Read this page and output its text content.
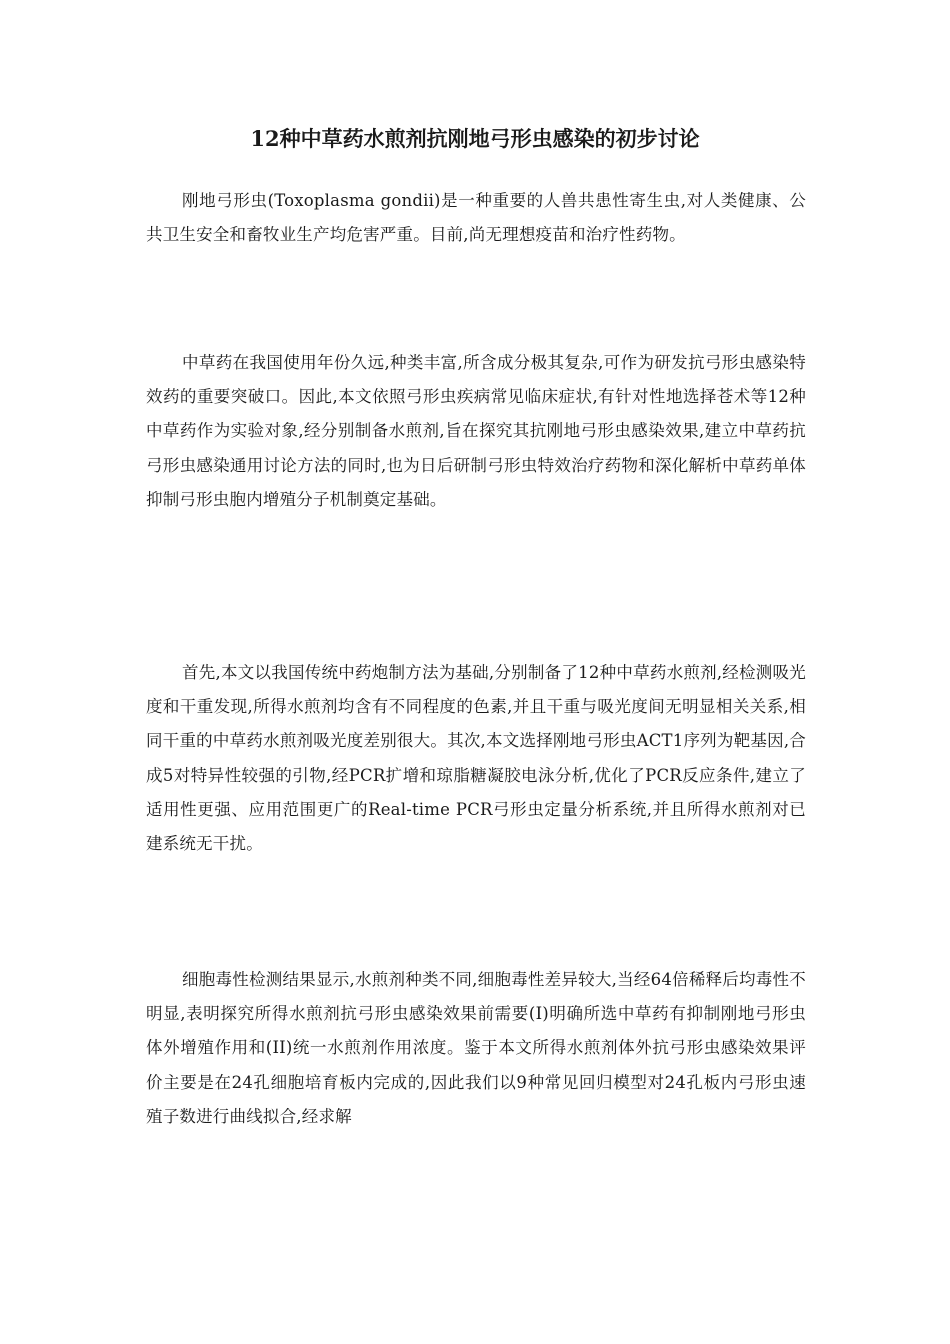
12种中草药水煎剂抗刚地弓形虫感染的初步讨论

刚地弓形虫(Toxoplasma gondii)是一种重要的人兽共患性寄生虫,对人类健康、公共卫生安全和畜牧业生产均危害严重。目前,尚无理想疫苗和治疗性药物。

中草药在我国使用年份久远,种类丰富,所含成分极其复杂,可作为研发抗弓形虫感染特效药的重要突破口。因此,本文依照弓形虫疾病常见临床症状,有针对性地选择苍术等12种中草药作为实验对象,经分别制备水煎剂,旨在探究其抗刚地弓形虫感染效果,建立中草药抗弓形虫感染通用讨论方法的同时,也为日后研制弓形虫特效治疗药物和深化解析中草药单体抑制弓形虫胞内增殖分子机制奠定基础。

首先,本文以我国传统中药炮制方法为基础,分别制备了12种中草药水煎剂,经检测吸光度和干重发现,所得水煎剂均含有不同程度的色素,并且干重与吸光度间无明显相关关系,相同干重的中草药水煎剂吸光度差别很大。其次,本文选择刚地弓形虫ACT1序列为靶基因,合成5对特异性较强的引物,经PCR扩增和琼脂糖凝胶电泳分析,优化了PCR反应条件,建立了适用性更强、应用范围更广的Real-time PCR弓形虫定量分析系统,并且所得水煎剂对已建系统无干扰。

细胞毒性检测结果显示,水煎剂种类不同,细胞毒性差异较大,当经64倍稀释后均毒性不明显,表明探究所得水煎剂抗弓形虫感染效果前需要(I)明确所选中草药有抑制刚地弓形虫体外增殖作用和(II)统一水煎剂作用浓度。鉴于本文所得水煎剂体外抗弓形虫感染效果评价主要是在24孔细胞培育板内完成的,因此我们以9种常见回归模型对24孔板内弓形虫速殖子数进行曲线拟合,经求解
